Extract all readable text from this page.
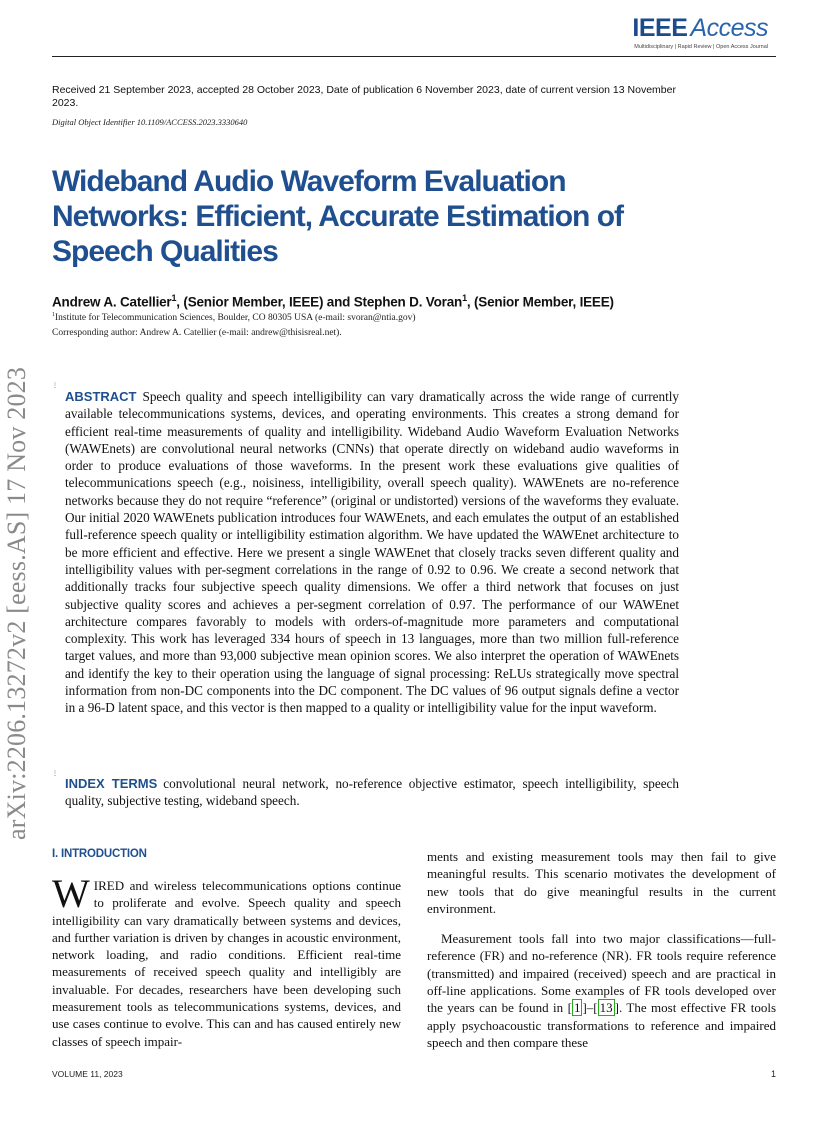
IEEE Access
Multidisciplinary | Rapid Review | Open Access Journal
Received 21 September 2023, accepted 28 October 2023, Date of publication 6 November 2023, date of current version 13 November 2023.
Digital Object Identifier 10.1109/ACCESS.2023.3330640
Wideband Audio Waveform Evaluation
Networks: Efficient, Accurate Estimation of
Speech Qualities
Andrew A. Catellier$^1$, (Senior Member, IEEE) and Stephen D. Voran$^1$, (Senior Member, IEEE)
$^1$Institute for Telecommunication Sciences, Boulder, CO 80305 USA (e-mail: svoran@ntia.gov)
Corresponding author: Andrew A. Catellier (e-mail: andrew@thisisreal.net).
arXiv:2206.13272v2 [eess.AS] 17 Nov 2023	⋮
ABSTRACT Speech quality and speech intelligibility can vary dramatically across the wide range of currently available telecommunications systems, devices, and operating environments. This creates a strong demand for efficient real-time measurements of quality and intelligibility. Wideband Audio Waveform Evaluation Networks (WAWEnets) are convolutional neural networks (CNNs) that operate directly on wideband audio waveforms in order to produce evaluations of those waveforms. In the present work these evaluations give qualities of telecommunications speech (e.g., noisiness, intelligibility, overall speech quality). WAWEnets are no-reference networks because they do not require “reference” (original or undistorted) versions of the waveforms they evaluate. Our initial 2020 WAWEnets publication introduces four WAWEnets, and each emulates the output of an established full-reference speech quality or intelligibility estimation algorithm. We have updated the WAWEnet architecture to be more efficient and effective. Here we present a single WAWEnet that closely tracks seven different quality and intelligibility values with per-segment correlations in the range of 0.92 to 0.96. We create a second network that additionally tracks four subjective speech quality dimensions. We offer a third network that focuses on just subjective quality scores and achieves a per-segment correlation of 0.97. The performance of our WAWEnet architecture compares favorably to models with orders-of-magnitude more parameters and computational complexity. This work has leveraged 334 hours of speech in 13 languages, more than two million full-reference target values, and more than 93,000 subjective mean opinion scores. We also interpret the operation of WAWEnets and identify the key to their operation using the language of signal processing: ReLUs strategically move spectral information from non-DC components into the DC component. The DC values of 96 output signals define a vector in a 96-D latent space, and this vector is then mapped to a quality or intelligibility value for the input waveform.
⋮
INDEX TERMS convolutional neural network, no-reference objective estimator, speech intelligibility, speech quality, subjective testing, wideband speech.
I. INTRODUCTION
WIRED and wireless telecommunications options continue to proliferate and evolve. Speech quality and speech intelligibility can vary dramatically between systems and devices, and further variation is driven by changes in acoustic environment, network loading, and radio conditions. Efficient real-time measurements of received speech quality and intelligibly are invaluable. For decades, researchers have been developing such measurement tools as telecommunications systems, devices, and use cases continue to evolve. This can and has caused entirely new classes of speech impair-

ments and existing measurement tools may then fail to give meaningful results. This scenario motivates the development of new tools that do give meaningful results in the current environment.

Measurement tools fall into two major classifications—full-reference (FR) and no-reference (NR). FR tools require reference (transmitted) and impaired (received) speech and are practical in off-line applications. Some examples of FR tools developed over the years can be found in [ 1 ]–[ 13 ]. The most effective FR tools apply psychoacoustic transformations to reference and impaired speech and then compare these

VOLUME 11, 2023	1
